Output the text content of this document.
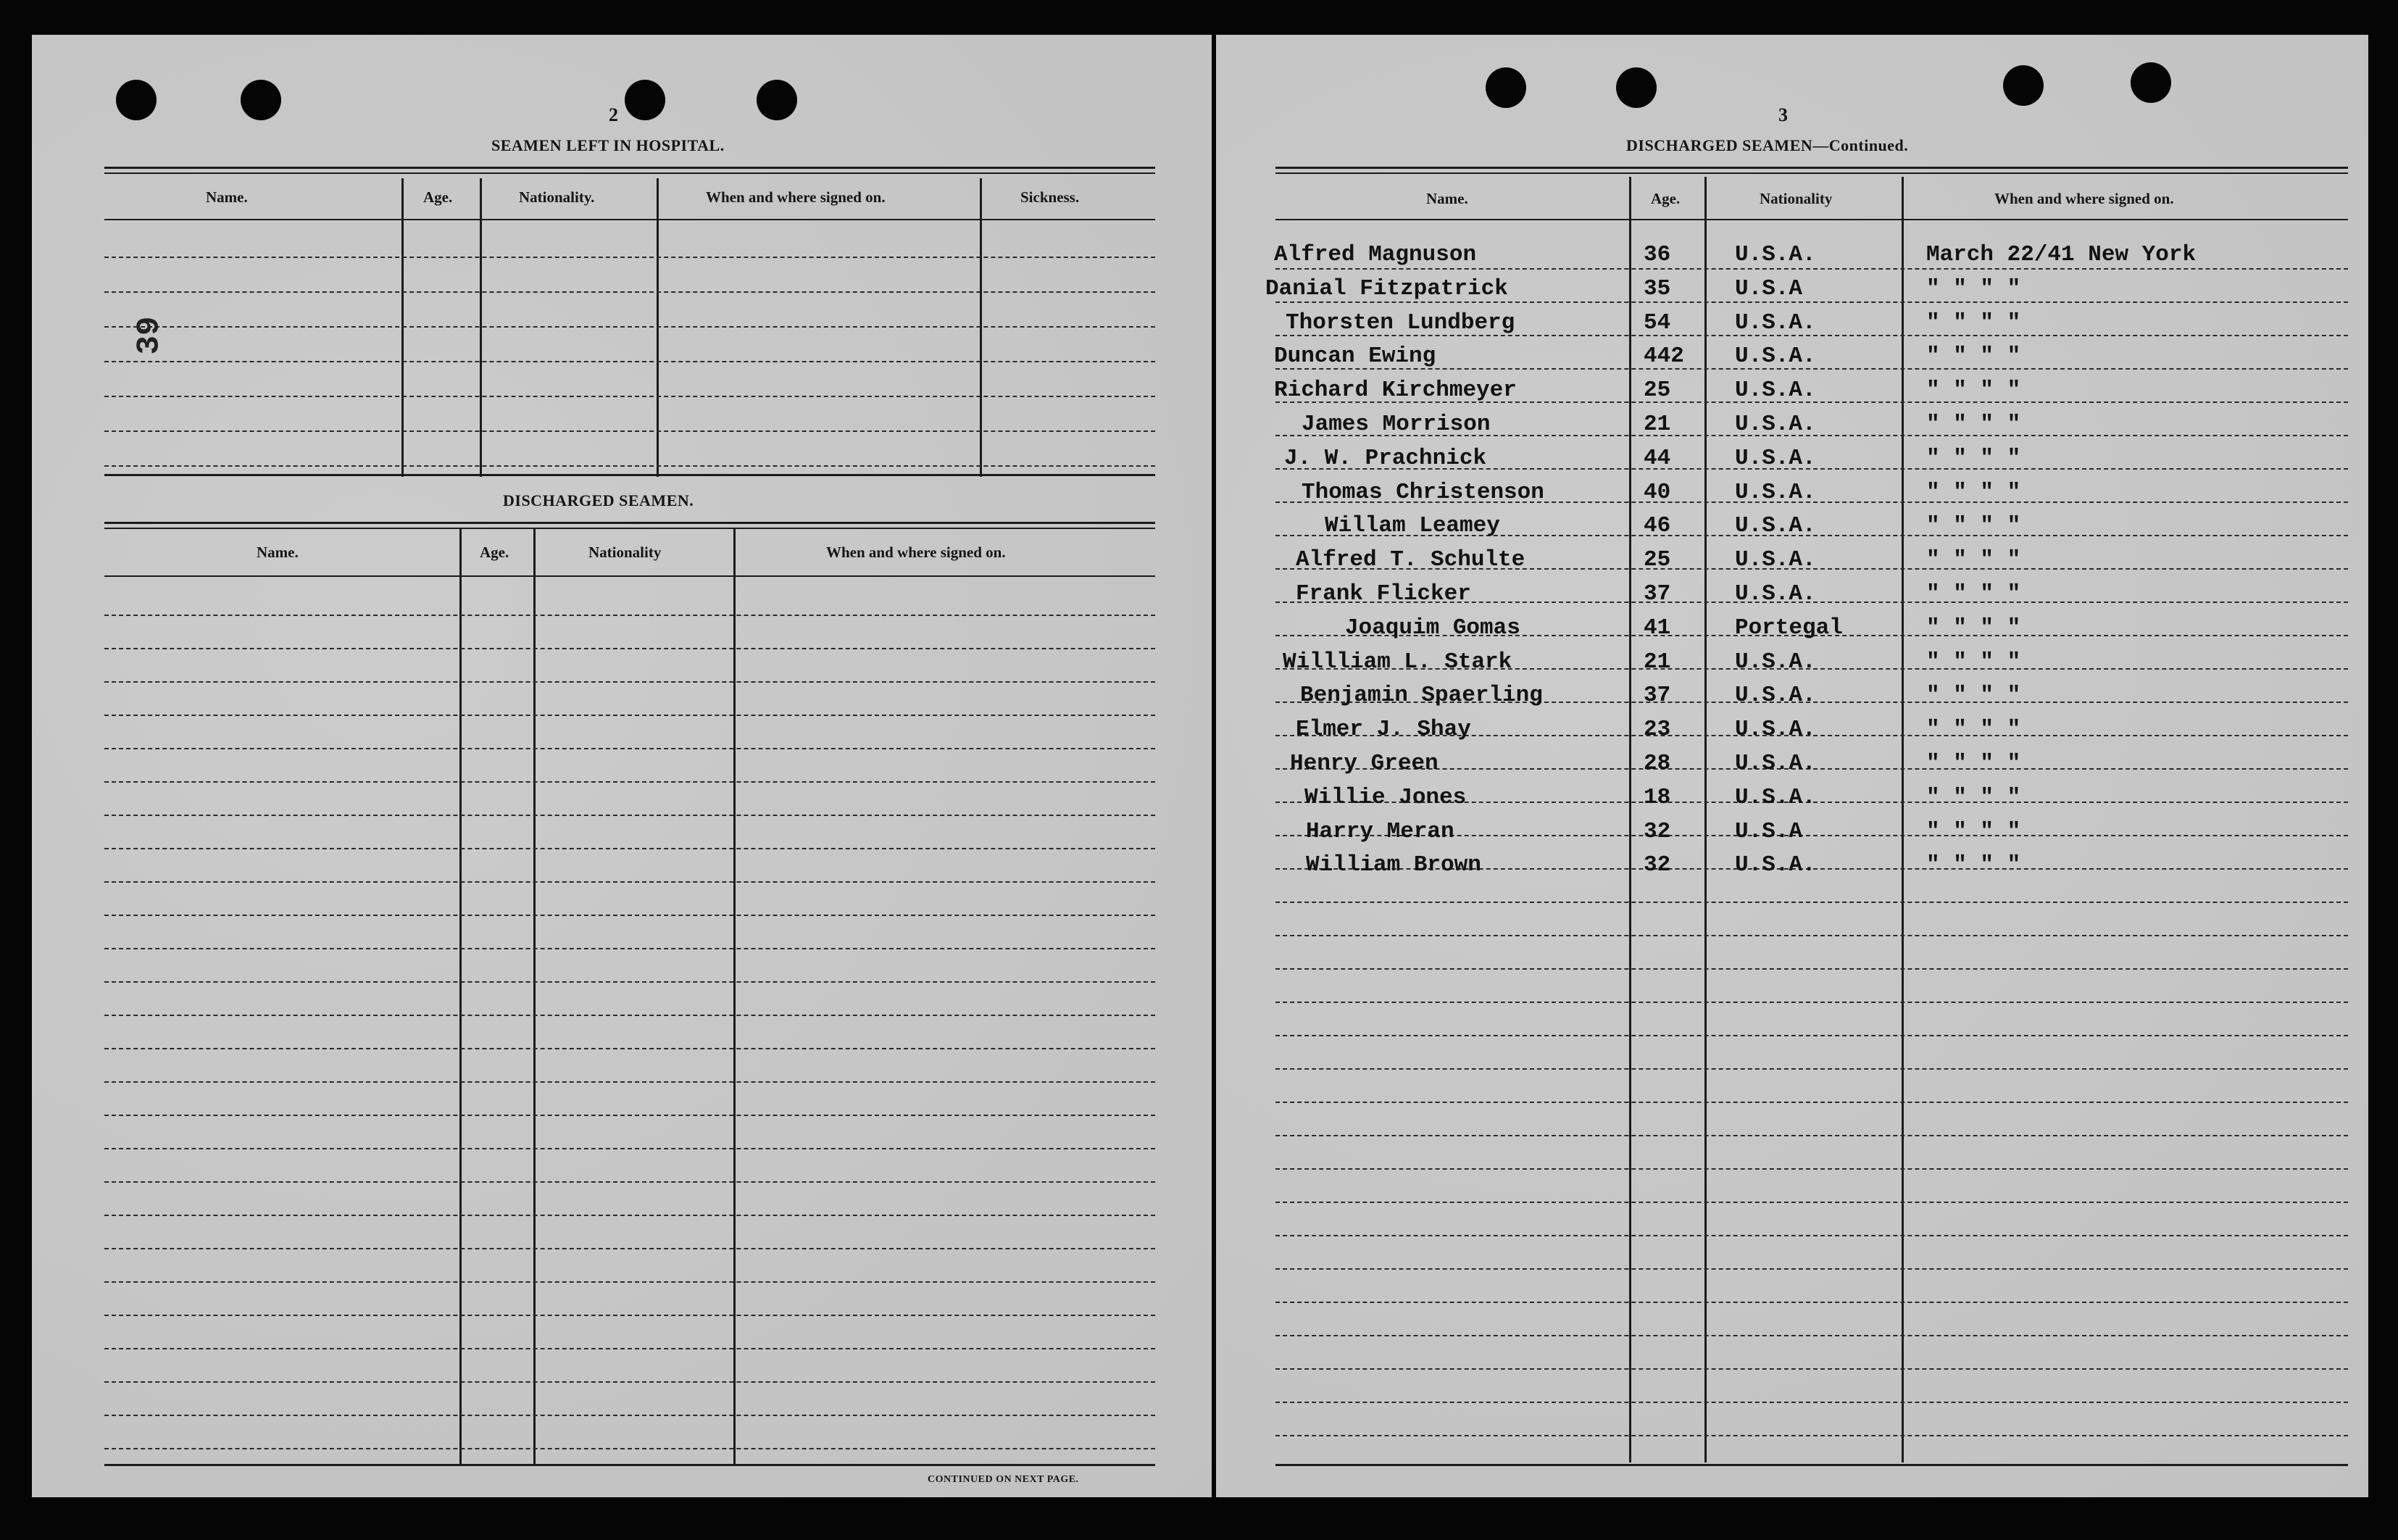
2
SEAMEN LEFT IN HOSPITAL.
Name.	Age.	Nationality.	When and where signed on.	Sickness.
39
DISCHARGED SEAMEN.
Name.	Age.	Nationality	When and where signed on.
CONTINUED ON NEXT PAGE.
3
DISCHARGED SEAMEN—Continued.
Name.	Age.	Nationality	When and where signed on.
Alfred Magnuson	36	U.S.A.	March 22/41 New York
Danial Fitzpatrick	35	U.S.A	" " " "
Thorsten Lundberg	54	U.S.A.	" " " "
Duncan Ewing	442 U.S.A.	" " " "
Richard Kirchmeyer	25	U.S.A.	" " " "
James Morrison	21	U.S.A.	" " " "
J. W. Prachnick	44	U.S.A.	" " " "
Thomas Christenson	40	U.S.A.	" " " "
Willam Leamey	46	U.S.A.	" " " "
Alfred T. Schulte	25	U.S.A.	" " " "
Frank Flicker	37	U.S.A.	" " " "
Joaquim Gomas	41	Portegal	" " " "
Willliam L. Stark	21	U.S.A.	" " " "
Benjamin Spaerling	37	U.S.A.	" " " "
Elmer J. Shay	23	U.S.A.	" " " "
Henry Green	28	U.S.A.	" " " "
Willie Jones	18	U.S.A.	" " " "
Harry Meran	32	U.S.A	" " " "
William Brown	32	U.S.A.	" " " "
